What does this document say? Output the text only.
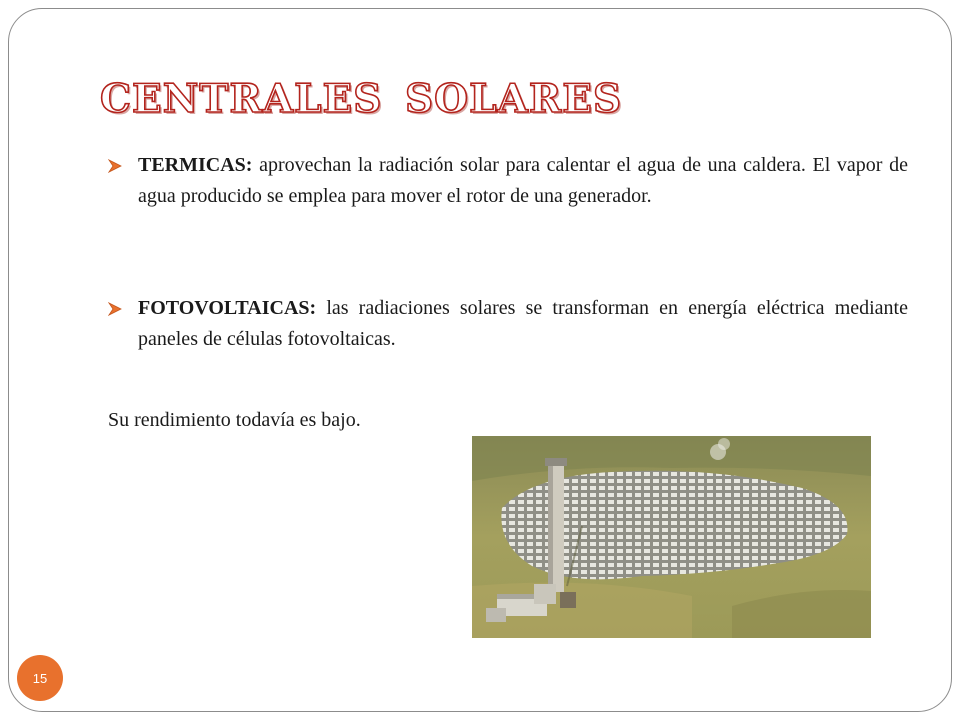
CENTRALES SOLARES
TERMICAS: aprovechan la radiación solar para calentar el agua de una caldera. El vapor de agua producido se emplea para mover el rotor de una generador.
FOTOVOLTAICAS: las radiaciones solares se transforman en energía eléctrica mediante paneles de células fotovoltaicas.
Su rendimiento todavía es bajo.
15
